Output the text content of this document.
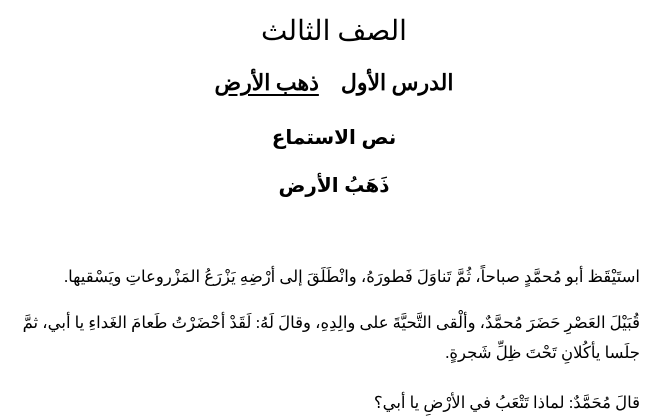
الصف الثالث
الدرس الأولذهب الأرض
نص الاستماع
ذَهَبُ الأرض
استَيْقَظ أبو مُحمَّدٍ صباحاً، ثُمَّ تَناوَلَ فَطورَهُ، وانْطَلَقَ إلى أرْضِهِ يَزْرَعُ المَزْروعاتِ ويَسْقيها.
قُبَيْلَ العَصْرِ حَضَرَ مُحمَّدٌ، وألْقى التَّحيَّةَ على والِدِهِ، وقالَ لَهُ: لَقَدْ أحْضَرْتُ طَعامَ الغَداءِ يا أبي، ثمَّ جلَسا يأكُلانِ تَحْتَ ظِلِّ شَجرةٍ.
قالَ مُحَمَّدٌ: لماذا تَتْعَبُ في الأرْضِ يا أبي؟
